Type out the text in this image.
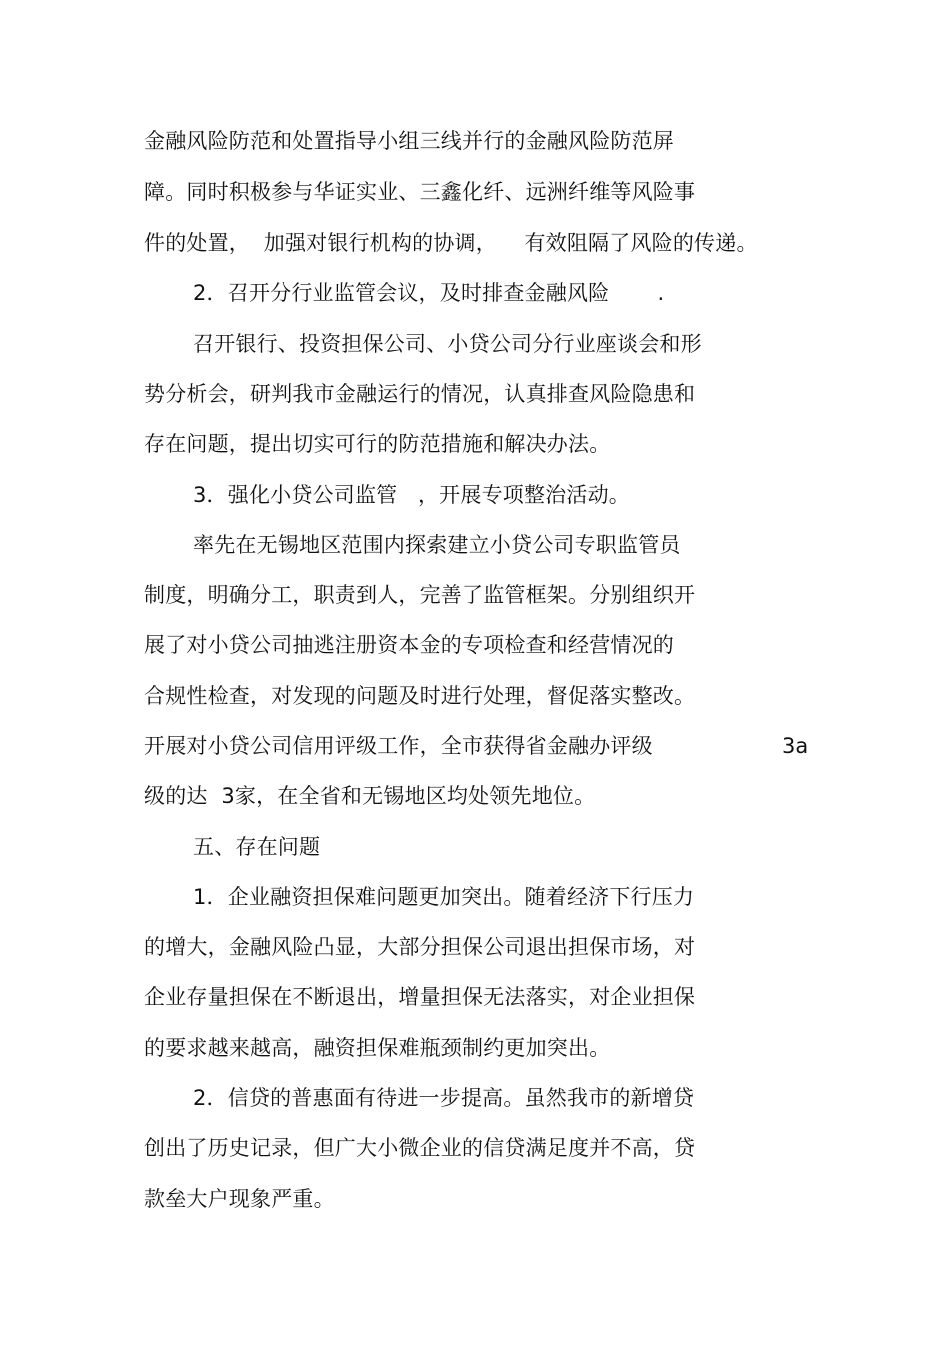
金融风险防范和处置指导小组三线并行的金融风险防范屏
障。同时积极参与华证实业、三鑫化纤、远洲纤维等风险事
件的处置，  加强对银行机构的协调，    有效阻隔了风险的传递。
2．召开分行业监管会议，及时排查金融风险       .
召开银行、投资担保公司、小贷公司分行业座谈会和形
势分析会，研判我市金融运行的情况，认真排查风险隐患和
存在问题，提出切实可行的防范措施和解决办法。
3．强化小贷公司监管   ，开展专项整治活动。
率先在无锡地区范围内探索建立小贷公司专职监管员
制度，明确分工，职责到人，完善了监管框架。分别组织开
展了对小贷公司抽逃注册资本金的专项检查和经营情况的
合规性检查，对发现的问题及时进行处理，督促落实整改。
开展对小贷公司信用评级工作，全市获得省金融办评级	3a
级的达  3家，在全省和无锡地区均处领先地位。
五、存在问题
1．企业融资担保难问题更加突出。随着经济下行压力
的增大，金融风险凸显，大部分担保公司退出担保市场，对
企业存量担保在不断退出，增量担保无法落实，对企业担保
的要求越来越高，融资担保难瓶颈制约更加突出。
2．信贷的普惠面有待进一步提高。虽然我市的新增贷
创出了历史记录，但广大小微企业的信贷满足度并不高，贷
款垒大户现象严重。
